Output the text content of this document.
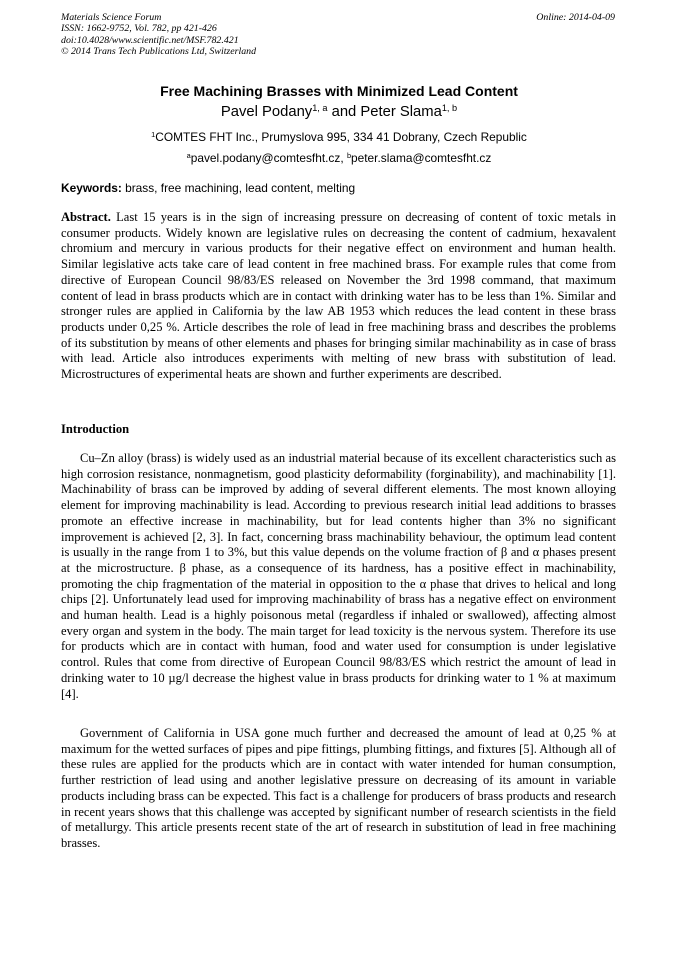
Materials Science Forum
ISSN: 1662-9752, Vol. 782, pp 421-426
doi:10.4028/www.scientific.net/MSF.782.421
© 2014 Trans Tech Publications Ltd, Switzerland
Online: 2014-04-09
Free Machining Brasses with Minimized Lead Content
Pavel Podany$^{1, a}$ and Peter Slama$^{1, b}$
$^1$COMTES FHT Inc., Prumyslova 995, 334 41 Dobrany, Czech Republic
$^a$pavel.podany@comtesfht.cz, $^b$peter.slama@comtesfht.cz
Keywords: brass, free machining, lead content, melting

Abstract. Last 15 years is in the sign of increasing pressure on decreasing of content of toxic metals in consumer products. Widely known are legislative rules on decreasing the content of cadmium, hexavalent chromium and mercury in various products for their negative effect on environment and human health. Similar legislative acts take care of lead content in free machined brass. For example rules that come from directive of European Council 98/83/ES released on November the 3rd 1998 command, that maximum content of lead in brass products which are in contact with drinking water has to be less than 1%. Similar and stronger rules are applied in California by the law AB 1953 which reduces the lead content in these brass products under 0,25 %. Article describes the role of lead in free machining brass and describes the problems of its substitution by means of other elements and phases for bringing similar machinability as in case of brass with lead. Article also introduces experiments with melting of new brass with substitution of lead. Microstructures of experimental heats are shown and further experiments are described.

Introduction

Cu–Zn alloy (brass) is widely used as an industrial material because of its excellent characteristics such as high corrosion resistance, nonmagnetism, good plasticity deformability (forginability), and machinability [1]. Machinability of brass can be improved by adding of several different elements. The most known alloying element for improving machinability is lead. According to previous research initial lead additions to brasses promote an effective increase in machinability, but for lead contents higher than 3% no significant improvement is achieved [2, 3]. In fact, concerning brass machinability behaviour, the optimum lead content is usually in the range from 1 to 3%, but this value depends on the volume fraction of β and α phases present at the microstructure. β phase, as a consequence of its hardness, has a positive effect in machinability, promoting the chip fragmentation of the material in opposition to the α phase that drives to helical and long chips [2]. Unfortunately lead used for improving machinability of brass has a negative effect on environment and human health. Lead is a highly poisonous metal (regardless if inhaled or swallowed), affecting almost every organ and system in the body. The main target for lead toxicity is the nervous system. Therefore its use for products which are in contact with human, food and water used for consumption is under legislative control. Rules that come from directive of European Council 98/83/ES which restrict the amount of lead in drinking water to 10 µg/l decrease the highest value in brass products for drinking water to 1 % at maximum [4].

Government of California in USA gone much further and decreased the amount of lead at 0,25 % at maximum for the wetted surfaces of pipes and pipe fittings, plumbing fittings, and fixtures [5]. Although all of these rules are applied for the products which are in contact with water intended for human consumption, further restriction of lead using and another legislative pressure on decreasing of its amount in variable products including brass can be expected. This fact is a challenge for producers of brass products and research in recent years shows that this challenge was accepted by significant number of research scientists in the field of metallurgy. This article presents recent state of the art of research in substitution of lead in free machining brasses.
